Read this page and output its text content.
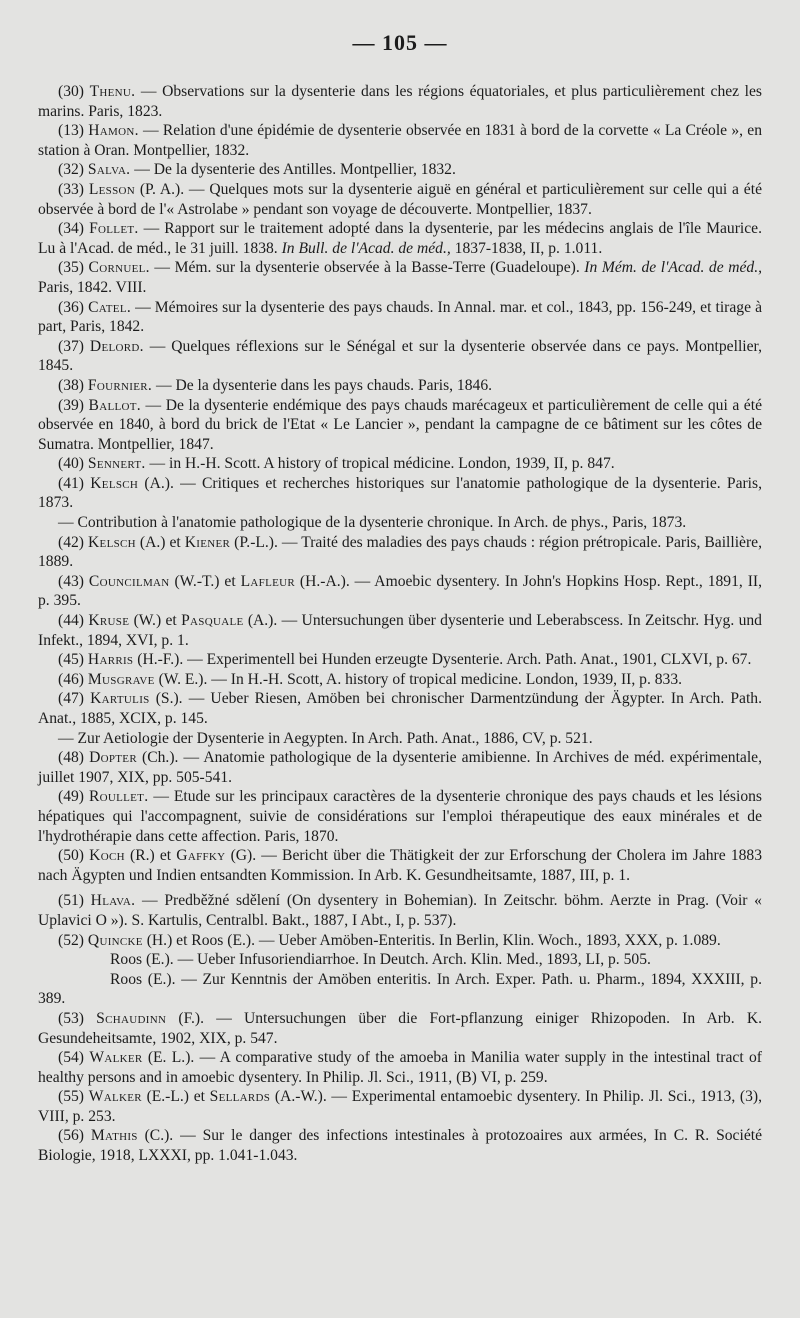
— 105 —

(30) Thenu. — Observations sur la dysenterie dans les régions équatoriales, et plus particulièrement chez les marins. Paris, 1823.

(13) Hamon. — Relation d'une épidémie de dysenterie observée en 1831 à bord de la corvette « La Créole », en station à Oran. Montpellier, 1832.

(32) Salva. — De la dysenterie des Antilles. Montpellier, 1832.

(33) Lesson (P. A.). — Quelques mots sur la dysenterie aiguë en général et particulièrement sur celle qui a été observée à bord de l'« Astrolabe » pendant son voyage de découverte. Montpellier, 1837.

(34) Follet. — Rapport sur le traitement adopté dans la dysenterie, par les médecins anglais de l'île Maurice. Lu à l'Acad. de méd., le 31 juill. 1838. In Bull. de l'Acad. de méd., 1837-1838, II, p. 1.011.

(35) Cornuel. — Mém. sur la dysenterie observée à la Basse-Terre (Guadeloupe). In Mém. de l'Acad. de méd., Paris, 1842. VIII.

(36) Catel. — Mémoires sur la dysenterie des pays chauds. In Annal. mar. et col., 1843, pp. 156-249, et tirage à part, Paris, 1842.

(37) Delord. — Quelques réflexions sur le Sénégal et sur la dysenterie observée dans ce pays. Montpellier, 1845.

(38) Fournier. — De la dysenterie dans les pays chauds. Paris, 1846.

(39) Ballot. — De la dysenterie endémique des pays chauds marécageux et particulièrement de celle qui a été observée en 1840, à bord du brick de l'Etat « Le Lancier », pendant la campagne de ce bâtiment sur les côtes de Sumatra. Montpellier, 1847.

(40) Sennert. — in H.-H. Scott. A history of tropical médicine. London, 1939, II, p. 847.

(41) Kelsch (A.). — Critiques et recherches historiques sur l'anatomie pathologique de la dysenterie. Paris, 1873.

— Contribution à l'anatomie pathologique de la dysenterie chronique. In Arch. de phys., Paris, 1873.

(42) Kelsch (A.) et Kiener (P.-L.). — Traité des maladies des pays chauds : région prétropicale. Paris, Baillière, 1889.

(43) Councilman (W.-T.) et Lafleur (H.-A.). — Amoebic dysentery. In John's Hopkins Hosp. Rept., 1891, II, p. 395.

(44) Kruse (W.) et Pasquale (A.). — Untersuchungen über dysenterie und Leberabscess. In Zeitschr. Hyg. und Infekt., 1894, XVI, p. 1.

(45) Harris (H.-F.). — Experimentell bei Hunden erzeugte Dysenterie. Arch. Path. Anat., 1901, CLXVI, p. 67.

(46) Musgrave (W. E.). — In H.-H. Scott, A. history of tropical medicine. London, 1939, II, p. 833.

(47) Kartulis (S.). — Ueber Riesen, Amöben bei chronischer Darmentzündung der Ägypter. In Arch. Path. Anat., 1885, XCIX, p. 145.

— Zur Aetiologie der Dysenterie in Aegypten. In Arch. Path. Anat., 1886, CV, p. 521.

(48) Dopter (Ch.). — Anatomie pathologique de la dysenterie amibienne. In Archives de méd. expérimentale, juillet 1907, XIX, pp. 505-541.

(49) Roullet. — Etude sur les principaux caractères de la dysenterie chronique des pays chauds et les lésions hépatiques qui l'accompagnent, suivie de considérations sur l'emploi thérapeutique des eaux minérales et de l'hydrothérapie dans cette affection. Paris, 1870.

(50) Koch (R.) et Gaffky (G). — Bericht über die Thätigkeit der zur Erforschung der Cholera im Jahre 1883 nach Ägypten und Indien entsandten Kommission. In Arb. K. Gesundheitsamte, 1887, III, p. 1.

(51) Hlava. — Predběžné sdělení (On dysentery in Bohemian). In Zeitschr. böhm. Aerzte in Prag. (Voir « Uplavici O »). S. Kartulis, Centralbl. Bakt., 1887, I Abt., I, p. 537).

(52) Quincke (H.) et Roos (E.). — Ueber Amöben-Enteritis. In Berlin, Klin. Woch., 1893, XXX, p. 1.089.

Roos (E.). — Ueber Infusoriendiarrhoe. In Deutch. Arch. Klin. Med., 1893, LI, p. 505.

Roos (E.). — Zur Kenntnis der Amöben enteritis. In Arch. Exper. Path. u. Pharm., 1894, XXXIII, p. 389.

(53) Schaudinn (F.). — Untersuchungen über die Fort-pflanzung einiger Rhizopoden. In Arb. K. Gesundeheitsamte, 1902, XIX, p. 547.

(54) Walker (E. L.). — A comparative study of the amoeba in Manilia water supply in the intestinal tract of healthy persons and in amoebic dysentery. In Philip. Jl. Sci., 1911, (B) VI, p. 259.

(55) Walker (E.-L.) et Sellards (A.-W.). — Experimental entamoebic dysentery. In Philip. Jl. Sci., 1913, (3), VIII, p. 253.

(56) Mathis (C.). — Sur le danger des infections intestinales à protozoaires aux armées, In C. R. Société Biologie, 1918, LXXXI, pp. 1.041-1.043.
